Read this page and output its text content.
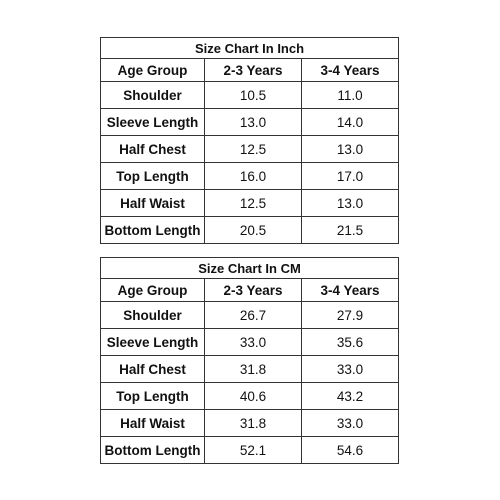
Size Chart In Inch		
Age Group	2-3 Years	3-4 Years
Shoulder	10.5	11.0
Sleeve Length	13.0	14.0
Half Chest	12.5	13.0
Top Length	16.0	17.0
Half Waist	12.5	13.0
Bottom Length	20.5	21.5
Size Chart In CM		
Age Group	2-3 Years	3-4 Years
Shoulder	26.7	27.9
Sleeve Length	33.0	35.6
Half Chest	31.8	33.0
Top Length	40.6	43.2
Half Waist	31.8	33.0
Bottom Length	52.1	54.6
